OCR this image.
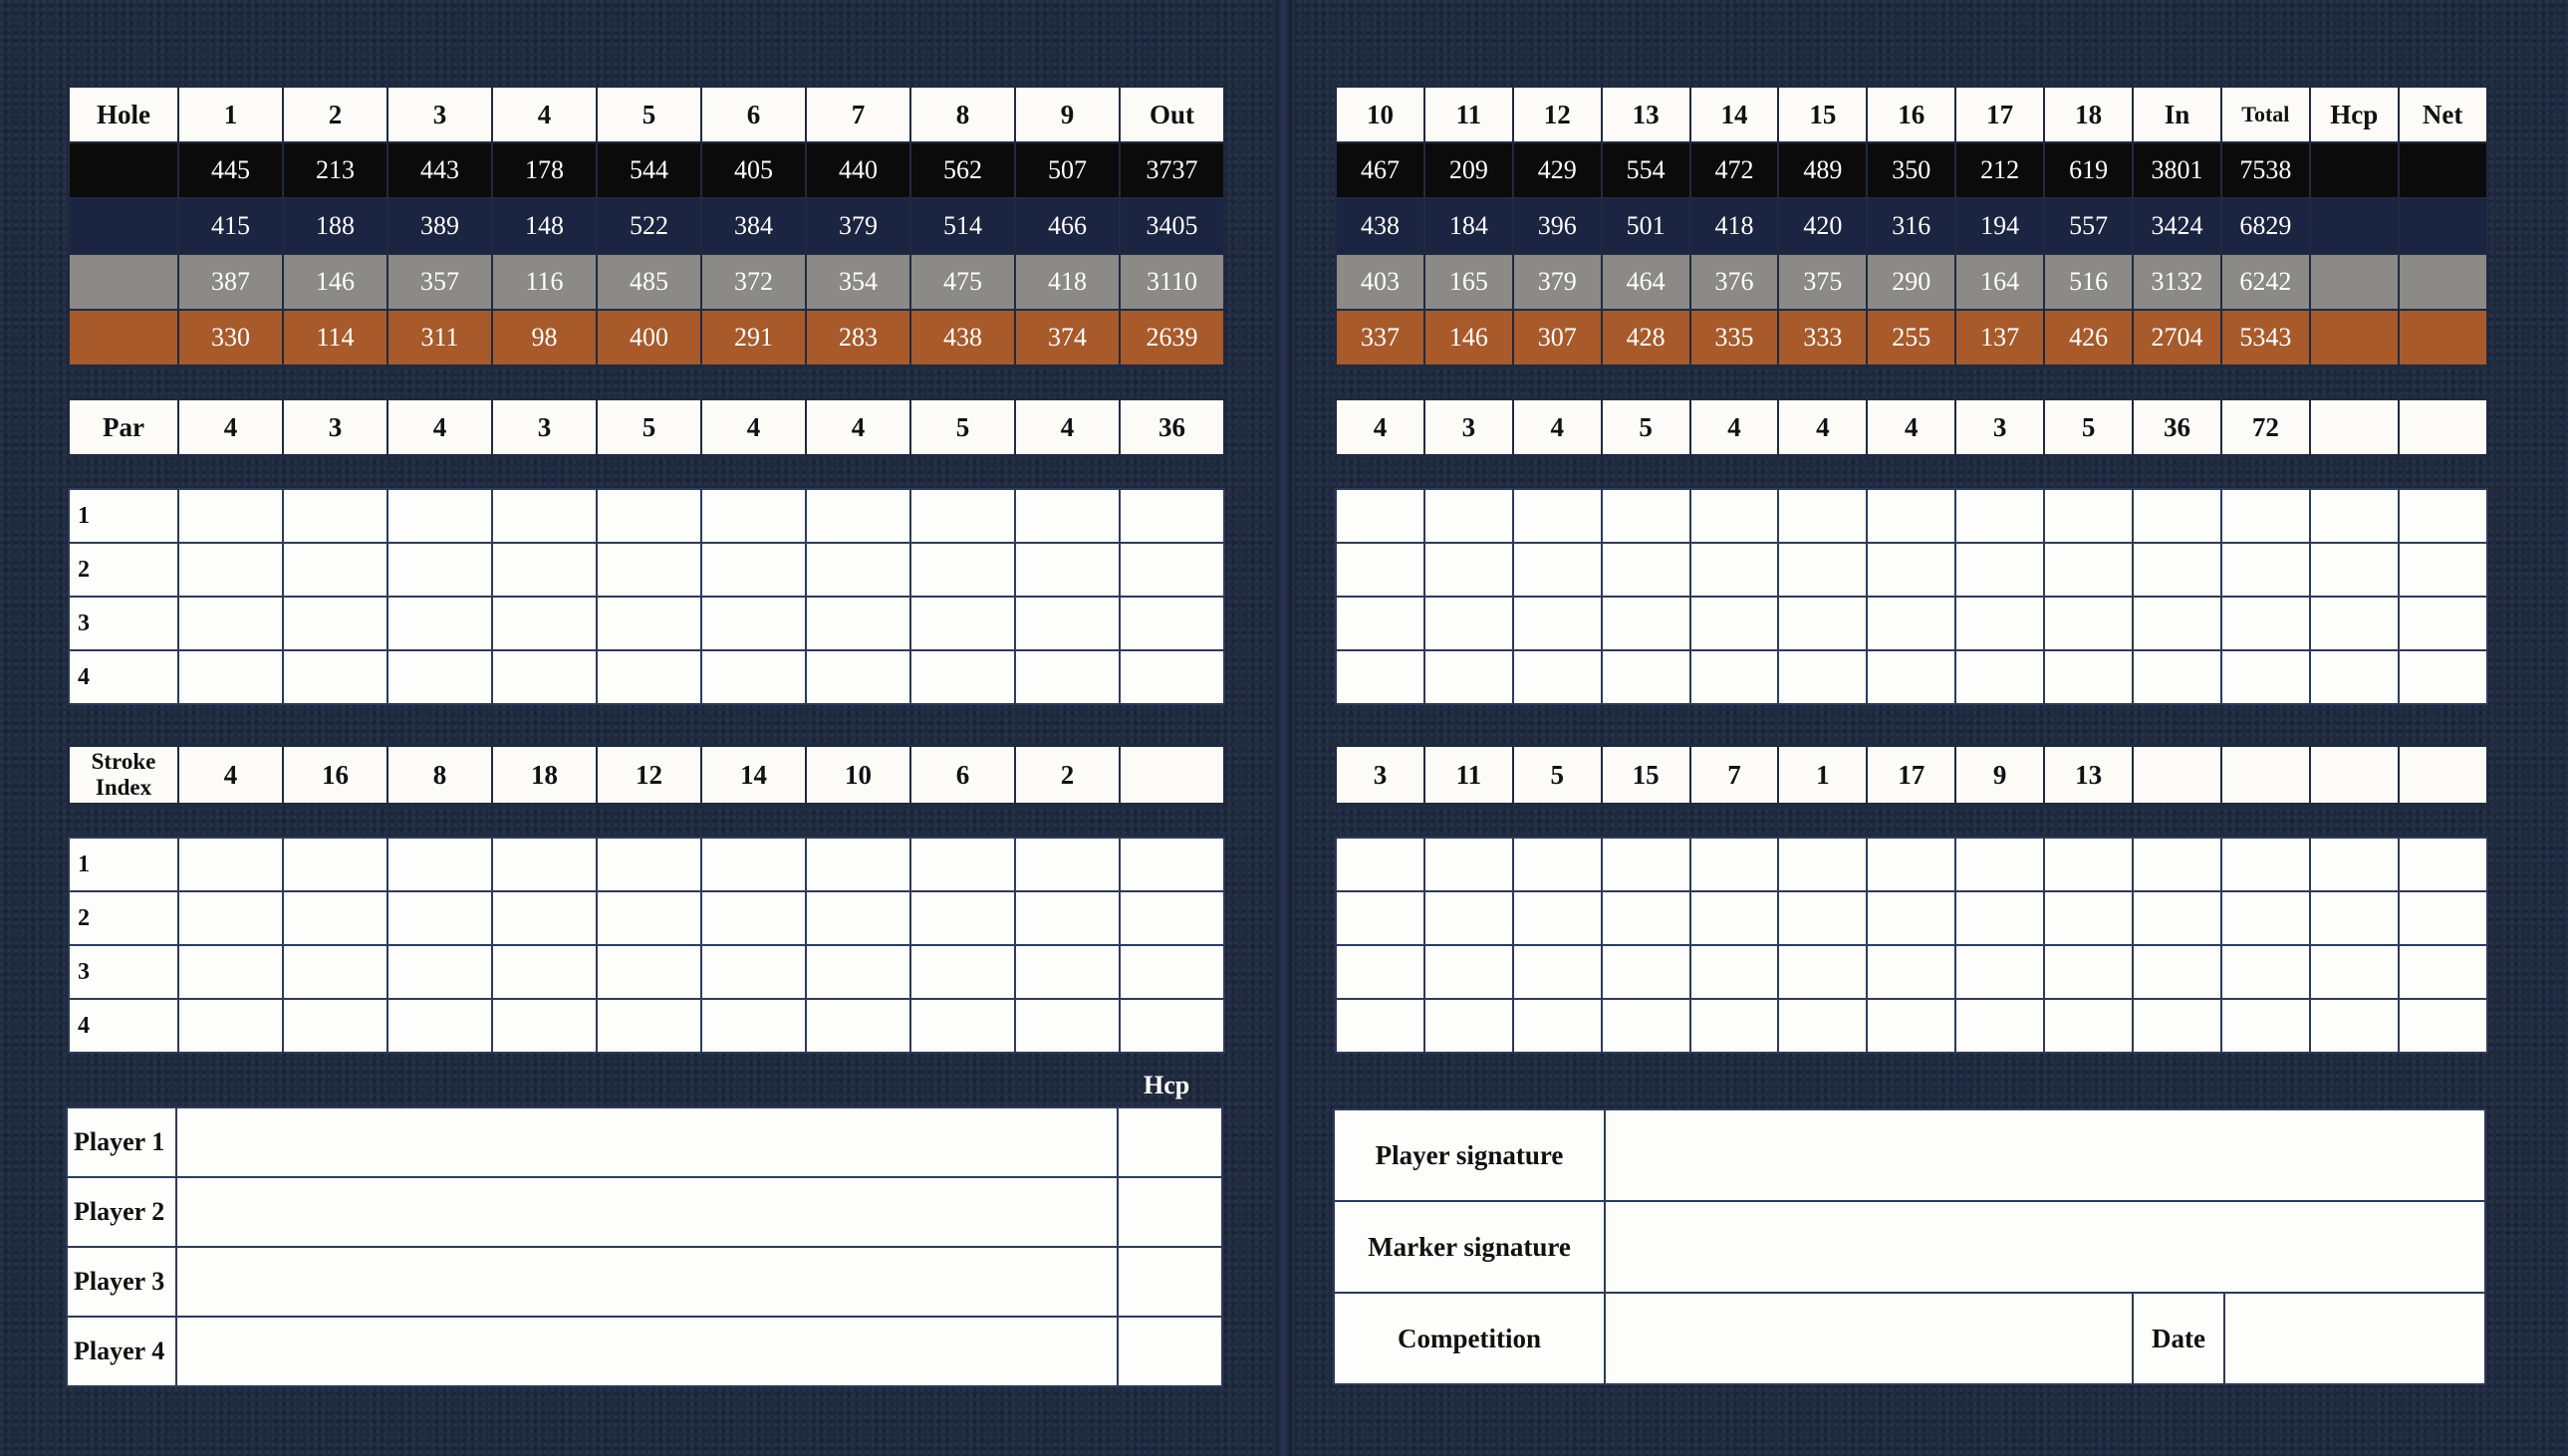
Hole	1	2	3	4	5	6	7	8	9	Out
	445	213	443	178	544	405	440	562	507	3737
	415	188	389	148	522	384	379	514	466	3405
	387	146	357	116	485	372	354	475	418	3110
	330	114	311	98	400	291	283	438	374	2639

Par	4	3	4	3	5	4	4	5	4	36

1										
2										
3										
4										

Stroke Index	4	16	8	18	12	14	10	6	2	

1										
2										
3										
4										
10	11	12	13	14	15	16	17	18	In	Total	Hcp	Net
467	209	429	554	472	489	350	212	619	3801	7538		
438	184	396	501	418	420	316	194	557	3424	6829		
403	165	379	464	376	375	290	164	516	3132	6242		
337	146	307	428	335	333	255	137	426	2704	5343		

4	3	4	5	4	4	4	3	5	36	72		

3	11	5	15	7	1	17	9	13				

Hcp
Player 1		
Player 2		
Player 3		
Player 4		
Player signature			
Marker signature			
Competition		Date	
